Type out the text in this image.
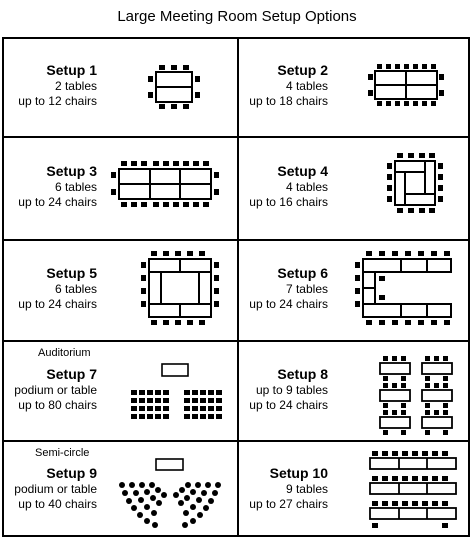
Large Meeting Room Setup Options
Setup 1
2 tables
up to 12 chairs
Setup 2
4 tables
up to 18 chairs
Setup 3
6 tables
up to 24 chairs
Setup 4
4 tables
up to 16 chairs
Setup 5
6 tables
up to 24 chairs
Setup 6
7 tables
up to 24 chairs
Auditorium
Setup 7
podium or table
up to 80 chairs
Setup 8
up to 9 tables
up to 24 chairs
Semi-circle
Setup 9
podium or table
up to 40 chairs
Setup 10
9 tables
up to 27 chairs
